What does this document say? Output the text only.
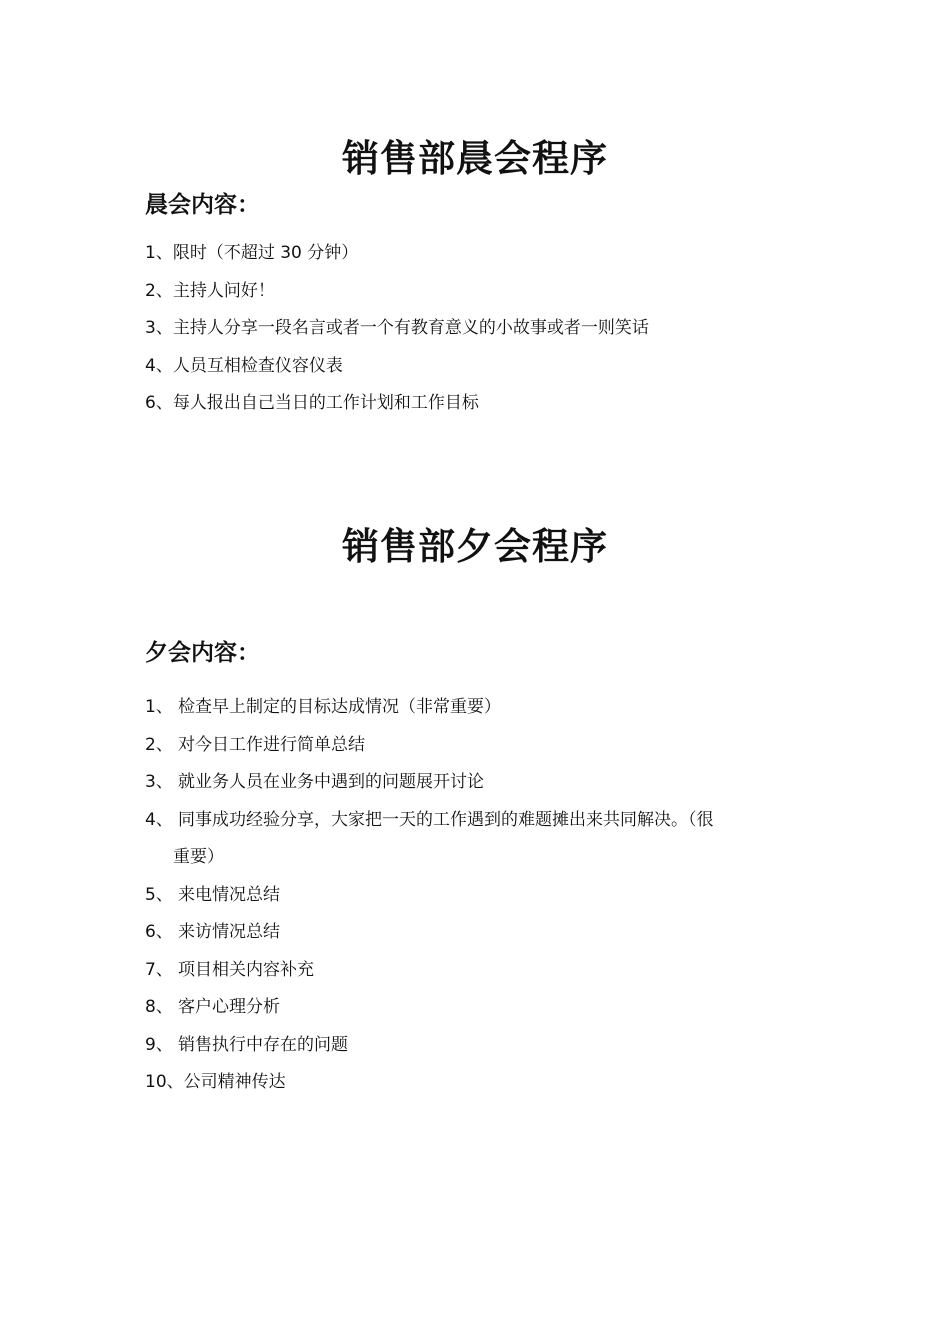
销售部晨会程序
晨会内容：
1、限时（不超过 30 分钟）
2、主持人问好！
3、主持人分享一段名言或者一个有教育意义的小故事或者一则笑话
4、人员互相检查仪容仪表
6、每人报出自己当日的工作计划和工作目标
销售部夕会程序
夕会内容：
1、 检查早上制定的目标达成情况（非常重要）
2、 对今日工作进行简单总结
3、 就业务人员在业务中遇到的问题展开讨论
4、 同事成功经验分享，大家把一天的工作遇到的难题摊出来共同解决。（很
重要）
5、 来电情况总结
6、 来访情况总结
7、 项目相关内容补充
8、 客户心理分析
9、 销售执行中存在的问题
10、公司精神传达
